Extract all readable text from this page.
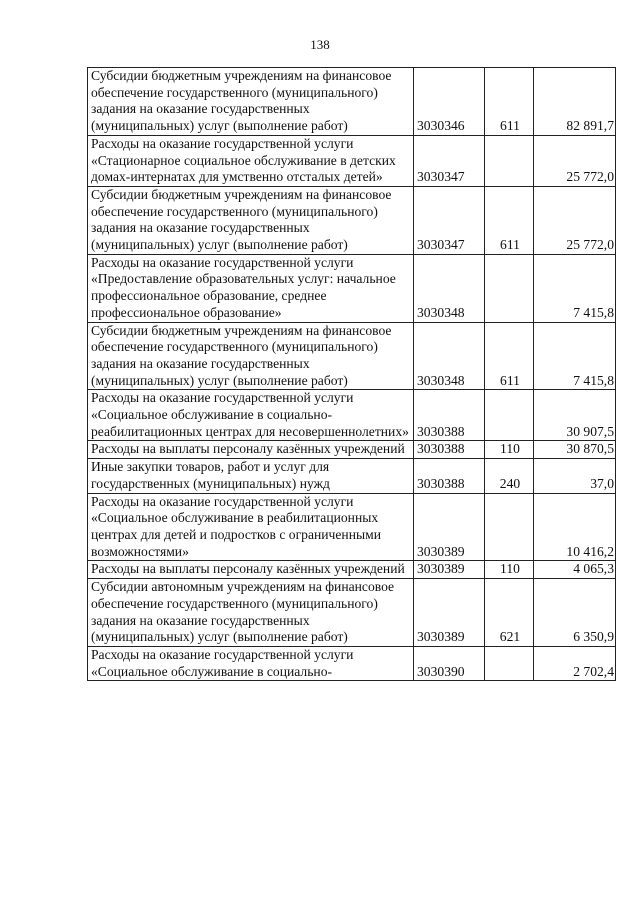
138
Субсидии бюджетным учреждениям на финансовое обеспечение государственного (муниципального) задания на оказание государственных (муниципальных) услуг (выполнение работ)	3030346	611	82 891,7
Расходы на оказание государственной услуги «Стационарное социальное обслуживание в детских домах-интернатах для умственно отсталых детей»	3030347		25 772,0
Субсидии бюджетным учреждениям на финансовое обеспечение государственного (муниципального) задания на оказание государственных (муниципальных) услуг (выполнение работ)	3030347	611	25 772,0
Расходы на оказание государственной услуги «Предоставление образовательных услуг: начальное профессиональное образование, среднее профессиональное образование»	3030348		7 415,8
Субсидии бюджетным учреждениям на финансовое обеспечение государственного (муниципального) задания на оказание государственных (муниципальных) услуг (выполнение работ)	3030348	611	7 415,8
Расходы на оказание государственной услуги «Социальное обслуживание в социально-реабилитационных центрах для несовершеннолетних»	3030388		30 907,5
Расходы на выплаты персоналу казённых учреждений	3030388	110	30 870,5
Иные закупки товаров, работ и услуг для государственных (муниципальных) нужд	3030388	240	37,0
Расходы на оказание государственной услуги «Социальное обслуживание в реабилитационных центрах для детей и подростков с ограниченными возможностями»	3030389		10 416,2
Расходы на выплаты персоналу казённых учреждений	3030389	110	4 065,3
Субсидии автономным учреждениям на финансовое обеспечение государственного (муниципального) задания на оказание государственных (муниципальных) услуг (выполнение работ)	3030389	621	6 350,9
Расходы на оказание государственной услуги «Социальное обслуживание в социально-	3030390		2 702,4
